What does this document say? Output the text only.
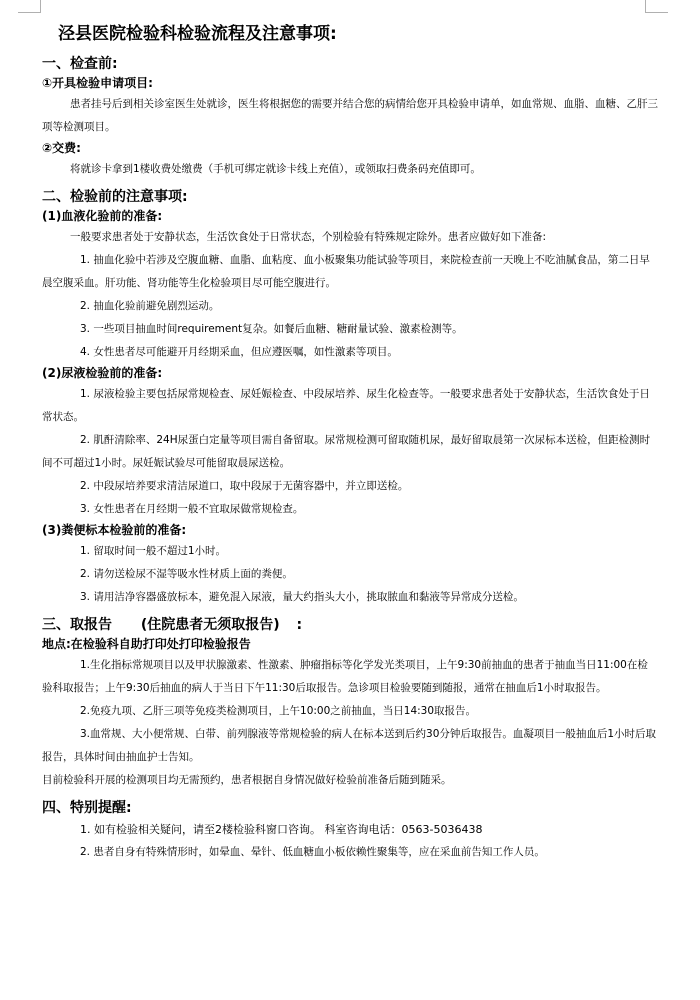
泾县医院检验科检验流程及注意事项:
一、检查前:
①开具检验申请项目:
患者挂号后到相关诊室医生处就诊，医生将根据您的需要并结合您的病情给您开具检验申请单，如血常规、血脂、血糖、乙肝三项等检测项目。
②交费:
将就诊卡拿到1楼收费处缴费（手机可绑定就诊卡线上充值），或领取扫费条码充值即可。
二、检验前的注意事项:
(1)血液化验前的准备:
一般要求患者处于安静状态，生活饮食处于日常状态，个别检验有特殊规定除外。患者应做好如下准备:
1. 抽血化验中若涉及空腹血糖、血脂、血粘度、血小板聚集功能试验等项目，来院检查前一天晚上不吃油腻食品，第二日早晨空腹采血。肝功能、肾功能等生化检验项目尽可能空腹进行。
2. 抽血化验前避免剧烈运动。
3. 一些项目抽血时间requirement复杂。如餐后血糖、糖耐量试验、激素检测等。
4. 女性患者尽可能避开月经期采血，但应遵医嘱，如性激素等项目。
(2)尿液检验前的准备:
1. 尿液检验主要包括尿常规检查、尿妊娠检查、中段尿培养、尿生化检查等。一般要求患者处于安静状态，生活饮食处于日常状态。
2. 肌酐清除率、24H尿蛋白定量等项目需自备留取。尿常规检测可留取随机尿，最好留取晨第一次尿标本送检，但距检测时间不可超过1小时。尿妊娠试验尽可能留取晨尿送检。
2. 中段尿培养要求清洁尿道口，取中段尿于无菌容器中，并立即送检。
3. 女性患者在月经期一般不宜取尿做常规检查。
(3)粪便标本检验前的准备:
1. 留取时间一般不超过1小时。
2. 请勿送检尿不湿等吸水性材质上面的粪便。
3. 请用洁净容器盛放标本，避免混入尿液，量大约指头大小，挑取脓血和黏液等异常成分送检。
三、取报告 (住院患者无须取报告) :
地点:在检验科自助打印处打印检验报告
1.生化指标常规项目以及甲状腺激素、性激素、肿瘤指标等化学发光类项目，上午9:30前抽血的患者于抽血当日11:00在检验科取报告；上午9:30后抽血的病人于当日下午11:30后取报告。急诊项目检验要随到随报，通常在抽血后1小时取报告。
2.免疫九项、乙肝三项等免疫类检测项目，上午10:00之前抽血，当日14:30取报告。
3.血常规、大小便常规、白带、前列腺液等常规检验的病人在标本送到后约30分钟后取报告。血凝项目一般抽血后1小时后取报告，具体时间由抽血护士告知。
目前检验科开展的检测项目均无需预约，患者根据自身情况做好检验前准备后随到随采。
四、特别提醒:
1. 如有检验相关疑问，请至2楼检验科窗口咨询。 科室咨询电话：0563-5036438
2. 患者自身有特殊情形时，如晕血、晕针、低血糖血小板依赖性聚集等，应在采血前告知工作人员。
